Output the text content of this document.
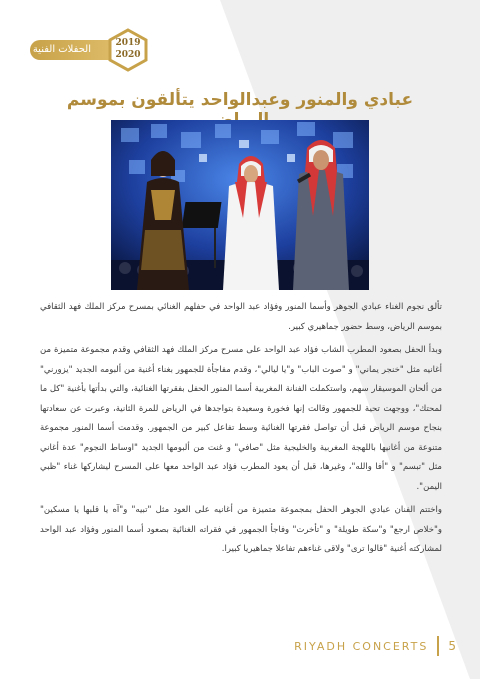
الحفلات الفنية
2019
2020
عبادي والمنور وعبدالواحد يتألقون بموسم

تألق نجوم الغناء عبادي الجوهر وأسما المنور وفؤاد عبد الواحد في حفلهم الغنائي بمسرح مركز الملك فهد الثقافي بموسم الرياض، وسط حضور جماهيري كبير.

وبدأ الحفل بصعود المطرب الشاب فؤاد عبد الواحد على مسرح مركز الملك فهد الثقافي وقدم مجموعة متميزة من أغانيه مثل "خنجر يماني" و "صوت الباب" و"يا ليالي"، وقدم مفاجأة للجمهور بغناء أغنية من ألبومه الجديد "يزورني" من ألحان الموسيقار سهم، واستكملت الفنانة المغربية أسما المنور الحفل بفقرتها الغنائية، والتي بدأتها بأغنية "كل ما لمحتك"، ووجهت تحية للجمهور وقالت إنها فخورة وسعيدة بتواجدها في الرياض للمرة الثانية، وعبرت عن سعادتها بنجاح موسم الرياض قبل أن تواصل فقرتها الغنائية وسط تفاعل كبير من الجمهور. وقدمت أسما المنور مجموعة متنوعة من أغانيها باللهجة المغربية والخليجية مثل "صافي" و غنت من ألبومها الجديد "اوساط النجوم" عدة أغاني مثل "تبسم" و "أفا والله"، وغيرها، قبل أن يعود المطرب فؤاد عبد الواحد معها على المسرح ليشاركها غناء "ظبي اليمن".

واختتم الفنان عبادي الجوهر الحفل بمجموعة متميزة من أغانيه على العود مثل "تبيه" و"آه يا قلبها يا مسكين" و"خلاص ارجع" و"سكة طويلة" و "تأخرت" وفاجأ الجمهور في فقراته الغنائية بصعود أسما المنور وفؤاد عبد الواحد لمشاركته أغنية "قالوا ترى" ولاقى غناءهم تفاعلا جماهيريا كبيرا.

RIYADH CONCERTS 5
